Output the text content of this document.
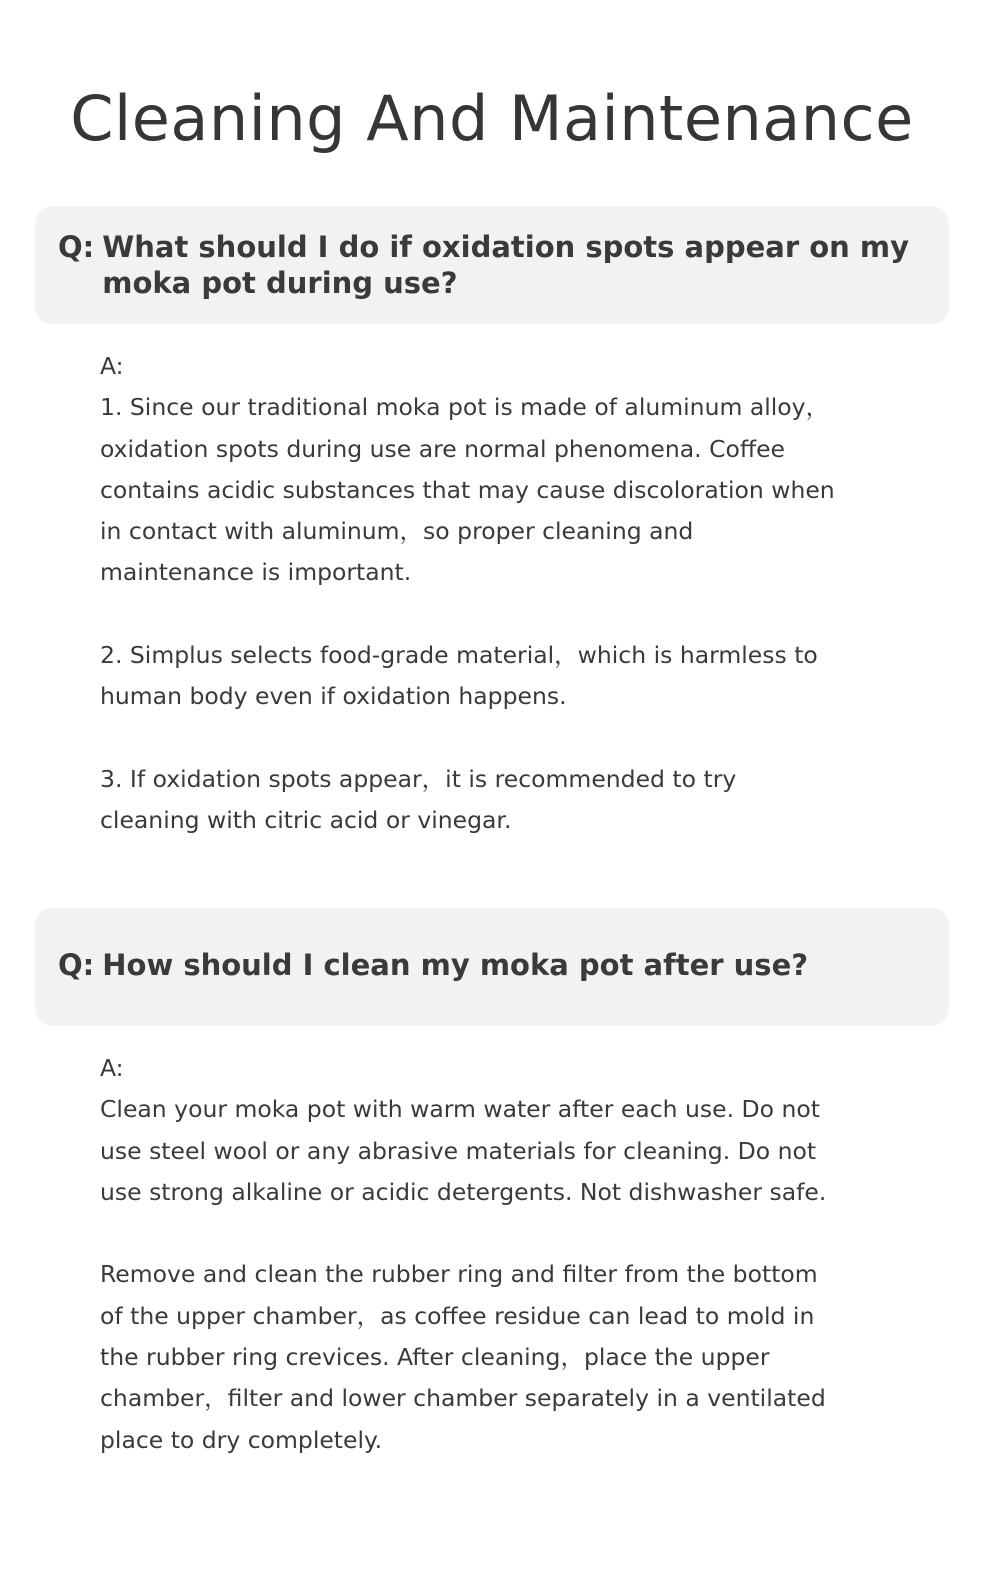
Cleaning And Maintenance
Q: What should I do if oxidation spots appear on my moka pot during use?

A:

1. Since our traditional moka pot is made of aluminum alloy，oxidation spots during use are normal phenomena. Coffee contains acidic substances that may cause discoloration when in contact with aluminum，so proper cleaning and maintenance is important.

2. Simplus selects food-grade material，which is harmless to human body even if oxidation happens.

3. If oxidation spots appear，it is recommended to try cleaning with citric acid or vinegar.

Q: How should I clean my moka pot after use?

A:

Clean your moka pot with warm water after each use. Do not use steel wool or any abrasive materials for cleaning. Do not use strong alkaline or acidic detergents. Not dishwasher safe.

Remove and clean the rubber ring and filter from the bottom of the upper chamber，as coffee residue can lead to mold in the rubber ring crevices. After cleaning，place the upper chamber，filter and lower chamber separately in a ventilated place to dry completely.
